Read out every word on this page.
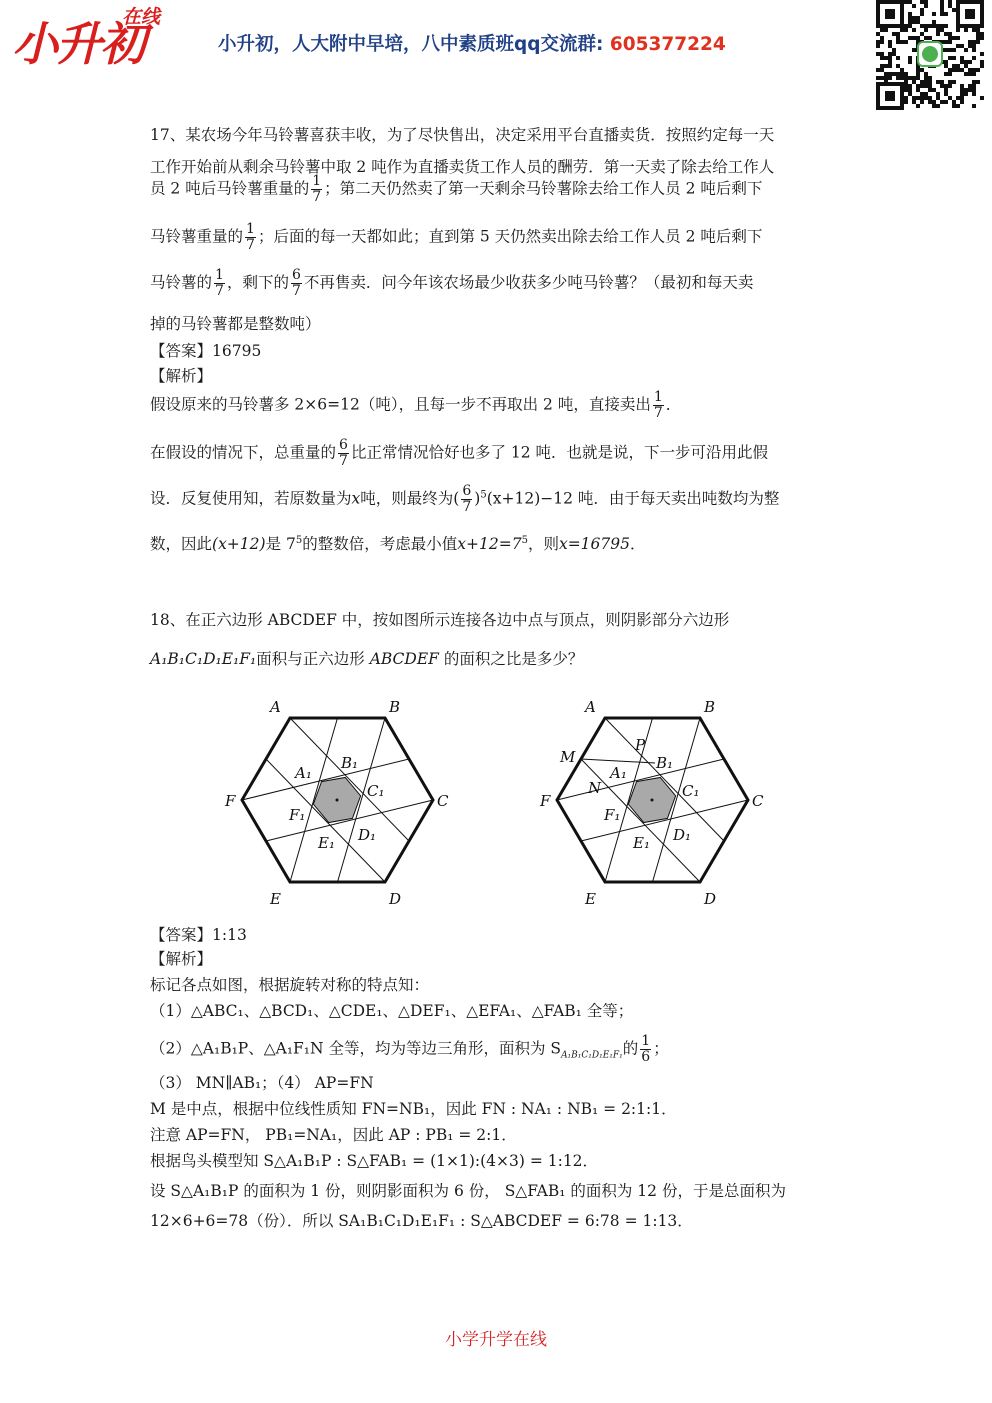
小升初
在线
小升初，人大附中早培，八中素质班qq交流群: 605377224
17、某农场今年马铃薯喜获丰收，为了尽快售出，决定采用平台直播卖货．按照约定每一天
工作开始前从剩余马铃薯中取 2 吨作为直播卖货工作人员的酬劳．第一天卖了除去给工作人
员 2 吨后马铃薯重量的 $\frac{1}{7}$ ；第二天仍然卖了第一天剩余马铃薯除去给工作人员 2 吨后剩下
马铃薯重量的 $\frac{1}{7}$ ；后面的每一天都如此；直到第 5 天仍然卖出除去给工作人员 2 吨后剩下
马铃薯的 $\frac{1}{7}$ ，剩下的 $\frac{6}{7}$ 不再售卖．问今年该农场最少收获多少吨马铃薯？（最初和每天卖
掉的马铃薯都是整数吨）
【答案】16795
【解析】
假设原来的马铃薯多 2×6=12（吨），且每一步不再取出 2 吨，直接卖出 $\frac{1}{7}$ ．
在假设的情况下，总重量的 $\frac{6}{7}$ 比正常情况恰好也多了 12 吨．也就是说，下一步可沿用此假
设．反复使用知，若原数量为x吨，则最终为( $\frac{6}{7} )^5(x+12)-12$ 吨．由于每天卖出吨数均为整
数，因此(x+12)是 $7^5$的整数倍，考虑最小值$x+12=7^5$，则x=16795．
18、在正六边形 ABCDEF 中，按如图所示连接各边中点与顶点，则阴影部分六边形
A₁B₁C₁D₁E₁F₁面积与正六边形 ABCDEF 的面积之比是多少？
A	B
C
D
E
F
A₁
B₁
C₁
D₁
E₁
F₁
A	B
C
D
E
F
A₁
B₁
C₁
D₁
E₁
F₁
M
N
P
【答案】1:13
【解析】
标记各点如图，根据旋转对称的特点知：
（1）△ABC₁、△BCD₁、△CDE₁、△DEF₁、△EFA₁、△FAB₁ 全等；
（2）△A₁B₁P、△A₁F₁N 全等，均为等边三角形，面积为 $S_{A_1B_1C_1D_1E_1F_1}$的 $\frac{1}{6}$ ；
（3） MN∥AB₁；（4） AP=FN
M 是中点，根据中位线性质知 FN=NB₁，因此 FN : NA₁ : NB₁ = 2:1:1．
注意 AP=FN， PB₁=NA₁，因此 AP : PB₁ = 2:1．
根据鸟头模型知 S△A₁B₁P : S△FAB₁ = (1×1):(4×3) = 1:12．
设 S△A₁B₁P 的面积为 1 份，则阴影面积为 6 份， S△FAB₁ 的面积为 12 份，于是总面积为
12×6+6=78（份）．所以 SA₁B₁C₁D₁E₁F₁ : S△ABCDEF = 6:78 = 1:13．
小学升学在线
